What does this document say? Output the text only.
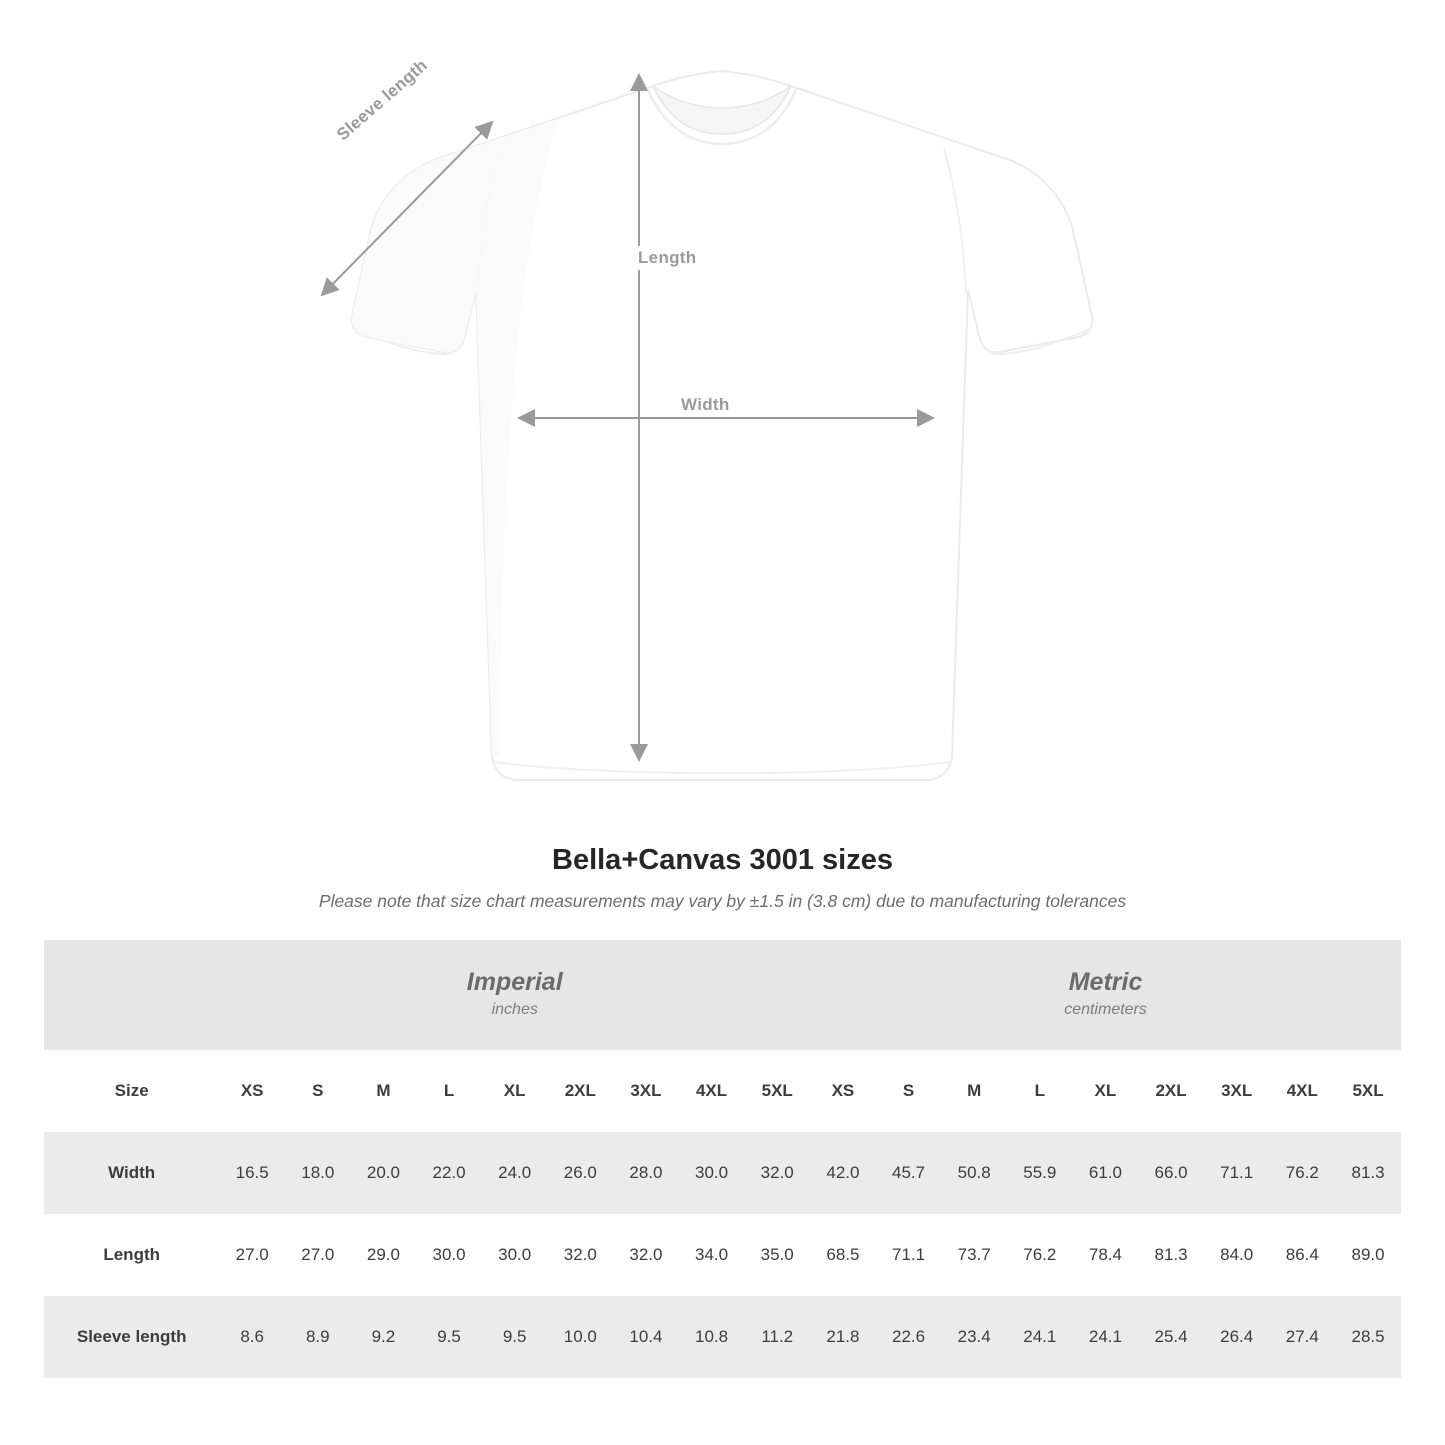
Width
Length
Sleeve length
Bella+Canvas 3001 sizes

Please note that size chart measurements may vary by ±1.5 in (3.8 cm) due to manufacturing tolerances

Imperial
inches

Metric
centimeters

Size	XS	S	M	L	XL	2XL	3XL	4XL	5XL	XS	S	M	L	XL	2XL	3XL	4XL	5XL
Width	16.5	18.0	20.0	22.0	24.0	26.0	28.0	30.0	32.0	42.0	45.7	50.8	55.9	61.0	66.0	71.1	76.2	81.3
Length	27.0	27.0	29.0	30.0	30.0	32.0	32.0	34.0	35.0	68.5	71.1	73.7	76.2	78.4	81.3	84.0	86.4	89.0
Sleeve length	8.6	8.9	9.2	9.5	9.5	10.0	10.4	10.8	11.2	21.8	22.6	23.4	24.1	24.1	25.4	26.4	27.4	28.5
